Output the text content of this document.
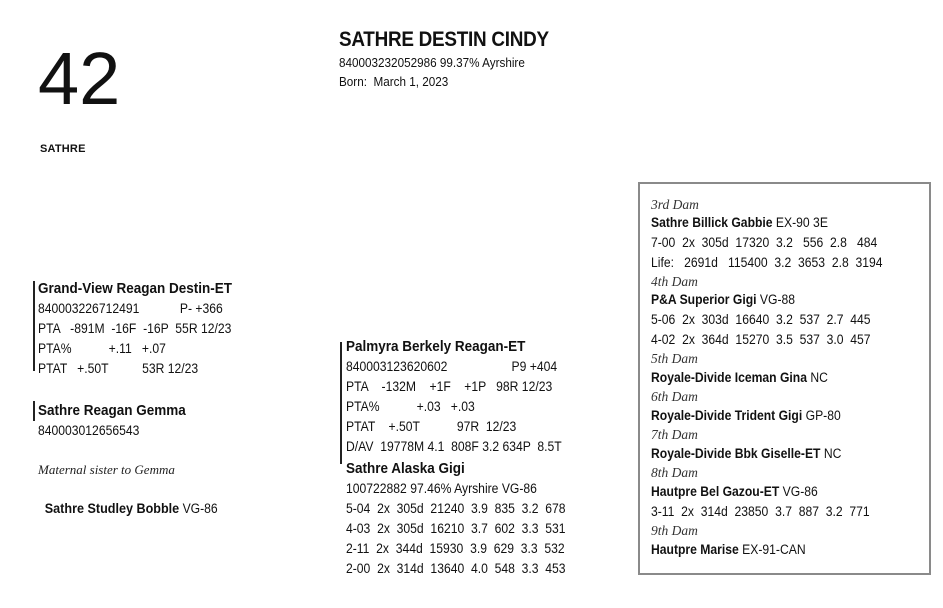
42
SATHRE
SATHRE DESTIN CINDY
840003232052986 99.37% Ayrshire
Born:  March 1, 2023
Grand-View Reagan Destin-ET
840003226712491            P- +366
PTA   -891M  -16F  -16P  55R 12/23
PTA%           +.11   +.07
PTAT   +.50T          53R 12/23
Sathre Reagan Gemma
840003012656543
Maternal sister to Gemma

Sathre Studley Bobble VG-86

Palmyra Berkely Reagan-ET
840003123620602                   P9 +404
PTA    -132M    +1F    +1P   98R 12/23
PTA%           +.03   +.03
PTAT    +.50T           97R  12/23
D/AV  19778M 4.1  808F 3.2 634P  8.5T
Sathre Alaska Gigi
100722882 97.46% Ayrshire VG-86
5-04  2x  305d  21240  3.9  835  3.2  678
4-03  2x  305d  16210  3.7  602  3.3  531
2-11  2x  344d  15930  3.9  629  3.3  532
2-00  2x  314d  13640  4.0  548  3.3  453
3rd Dam
Sathre Billick Gabbie EX-90 3E
7-00  2x  305d  17320  3.2   556  2.8   484
Life:   2691d   115400  3.2  3653  2.8  3194
4th Dam
P&A Superior Gigi VG-88
5-06  2x  303d  16640  3.2  537  2.7  445
4-02  2x  364d  15270  3.5  537  3.0  457
5th Dam
Royale-Divide Iceman Gina NC
6th Dam
Royale-Divide Trident Gigi GP-80
7th Dam
Royale-Divide Bbk Giselle-ET NC
8th Dam
Hautpre Bel Gazou-ET VG-86
3-11  2x  314d  23850  3.7  887  3.2  771
9th Dam
Hautpre Marise EX-91-CAN
